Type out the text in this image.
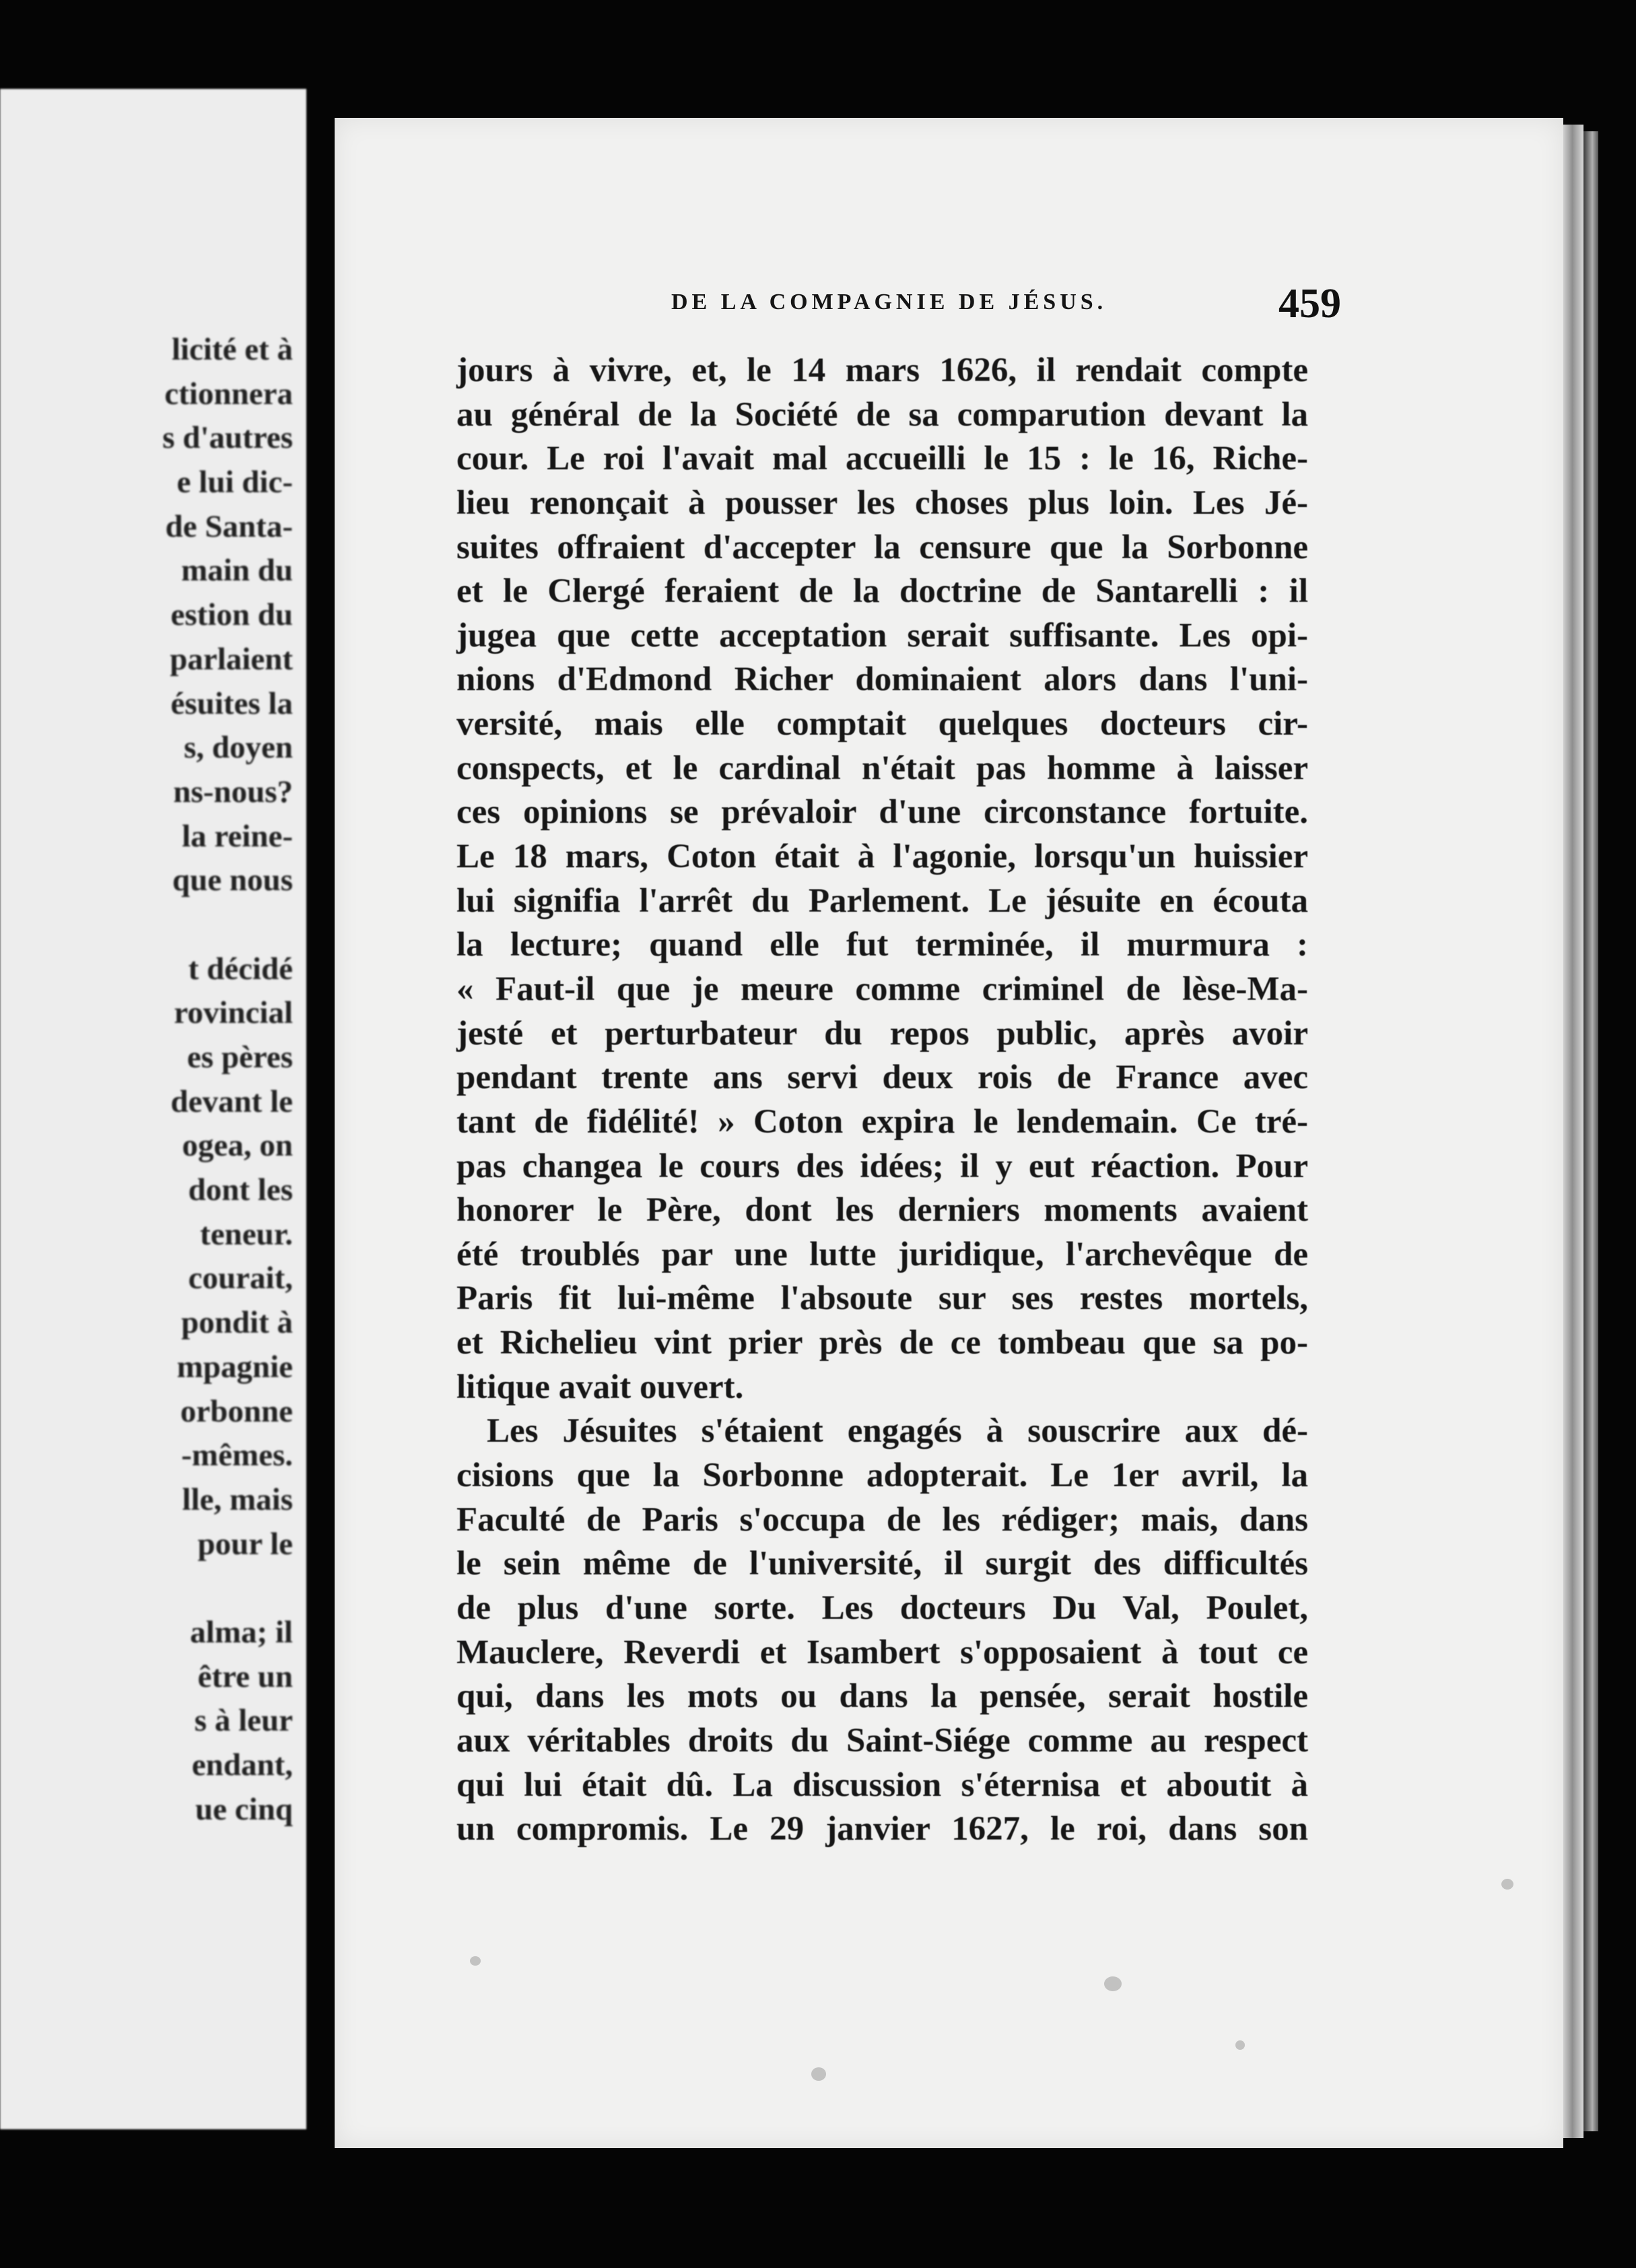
licité et à
ctionnera
s d'autres
e lui dic-
de Santa-
main du
estion du
parlaient
ésuites la
s, doyen
ns-nous?
la reine-
que nous
t décidé
rovincial
es pères
devant le
ogea, on
dont les
teneur.
courait,
pondit à
mpagnie
orbonne
-mêmes.
lle, mais
pour le
alma; il
être un
s à leur
endant,
ue cinq
DE LA COMPAGNIE DE JÉSUS.	459
jours à vivre, et, le 14 mars 1626, il rendait compte
au général de la Société de sa comparution devant la
cour. Le roi l'avait mal accueilli le 15 : le 16, Riche-
lieu renonçait à pousser les choses plus loin. Les Jé-
suites offraient d'accepter la censure que la Sorbonne
et le Clergé feraient de la doctrine de Santarelli : il
jugea que cette acceptation serait suffisante. Les opi-
nions d'Edmond Richer dominaient alors dans l'uni-
versité, mais elle comptait quelques docteurs cir-
conspects, et le cardinal n'était pas homme à laisser
ces opinions se prévaloir d'une circonstance fortuite.
Le 18 mars, Coton était à l'agonie, lorsqu'un huissier
lui signifia l'arrêt du Parlement. Le jésuite en écouta
la lecture; quand elle fut terminée, il murmura :
« Faut-il que je meure comme criminel de lèse-Ma-
jesté et perturbateur du repos public, après avoir
pendant trente ans servi deux rois de France avec
tant de fidélité! » Coton expira le lendemain. Ce tré-
pas changea le cours des idées; il y eut réaction. Pour
honorer le Père, dont les derniers moments avaient
été troublés par une lutte juridique, l'archevêque de
Paris fit lui-même l'absoute sur ses restes mortels,
et Richelieu vint prier près de ce tombeau que sa po-
litique avait ouvert.
Les Jésuites s'étaient engagés à souscrire aux dé-
cisions que la Sorbonne adopterait. Le 1er avril, la
Faculté de Paris s'occupa de les rédiger; mais, dans
le sein même de l'université, il surgit des difficultés
de plus d'une sorte. Les docteurs Du Val, Poulet,
Mauclere, Reverdi et Isambert s'opposaient à tout ce
qui, dans les mots ou dans la pensée, serait hostile
aux véritables droits du Saint-Siége comme au respect
qui lui était dû. La discussion s'éternisa et aboutit à
un compromis. Le 29 janvier 1627, le roi, dans son
